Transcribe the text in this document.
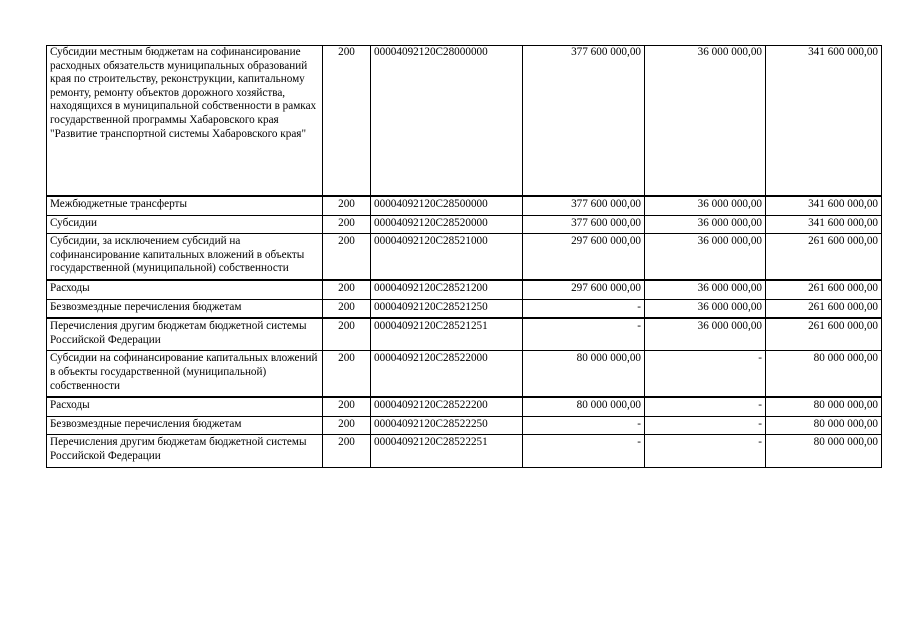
Субсидии местным бюджетам на софинансирование расходных обязательств муниципальных образований края по строительству, реконструкции, капитальному ремонту, ремонту объектов дорожного хозяйства, находящихся в муниципальной собственности в рамках государственной программы Хабаровского края "Развитие транспортной системы Хабаровского края"	200	00004092120С28000000	377 600 000,00	36 000 000,00	341 600 000,00
Межбюджетные трансферты	200	00004092120С28500000	377 600 000,00	36 000 000,00	341 600 000,00
Субсидии	200	00004092120С28520000	377 600 000,00	36 000 000,00	341 600 000,00
Субсидии, за исключением субсидий на софинансирование капитальных вложений в объекты государственной (муниципальной) собственности	200	00004092120С28521000	297 600 000,00	36 000 000,00	261 600 000,00
Расходы	200	00004092120С28521200	297 600 000,00	36 000 000,00	261 600 000,00
Безвозмездные перечисления бюджетам	200	00004092120С28521250	-	36 000 000,00	261 600 000,00
Перечисления другим бюджетам бюджетной системы Российской Федерации	200	00004092120С28521251	-	36 000 000,00	261 600 000,00
Субсидии на софинансирование капитальных вложений в объекты государственной (муниципальной) собственности	200	00004092120С28522000	80 000 000,00	-	80 000 000,00
Расходы	200	00004092120С28522200	80 000 000,00	-	80 000 000,00
Безвозмездные перечисления бюджетам	200	00004092120С28522250	-	-	80 000 000,00
Перечисления другим бюджетам бюджетной системы Российской Федерации	200	00004092120С28522251	-	-	80 000 000,00
